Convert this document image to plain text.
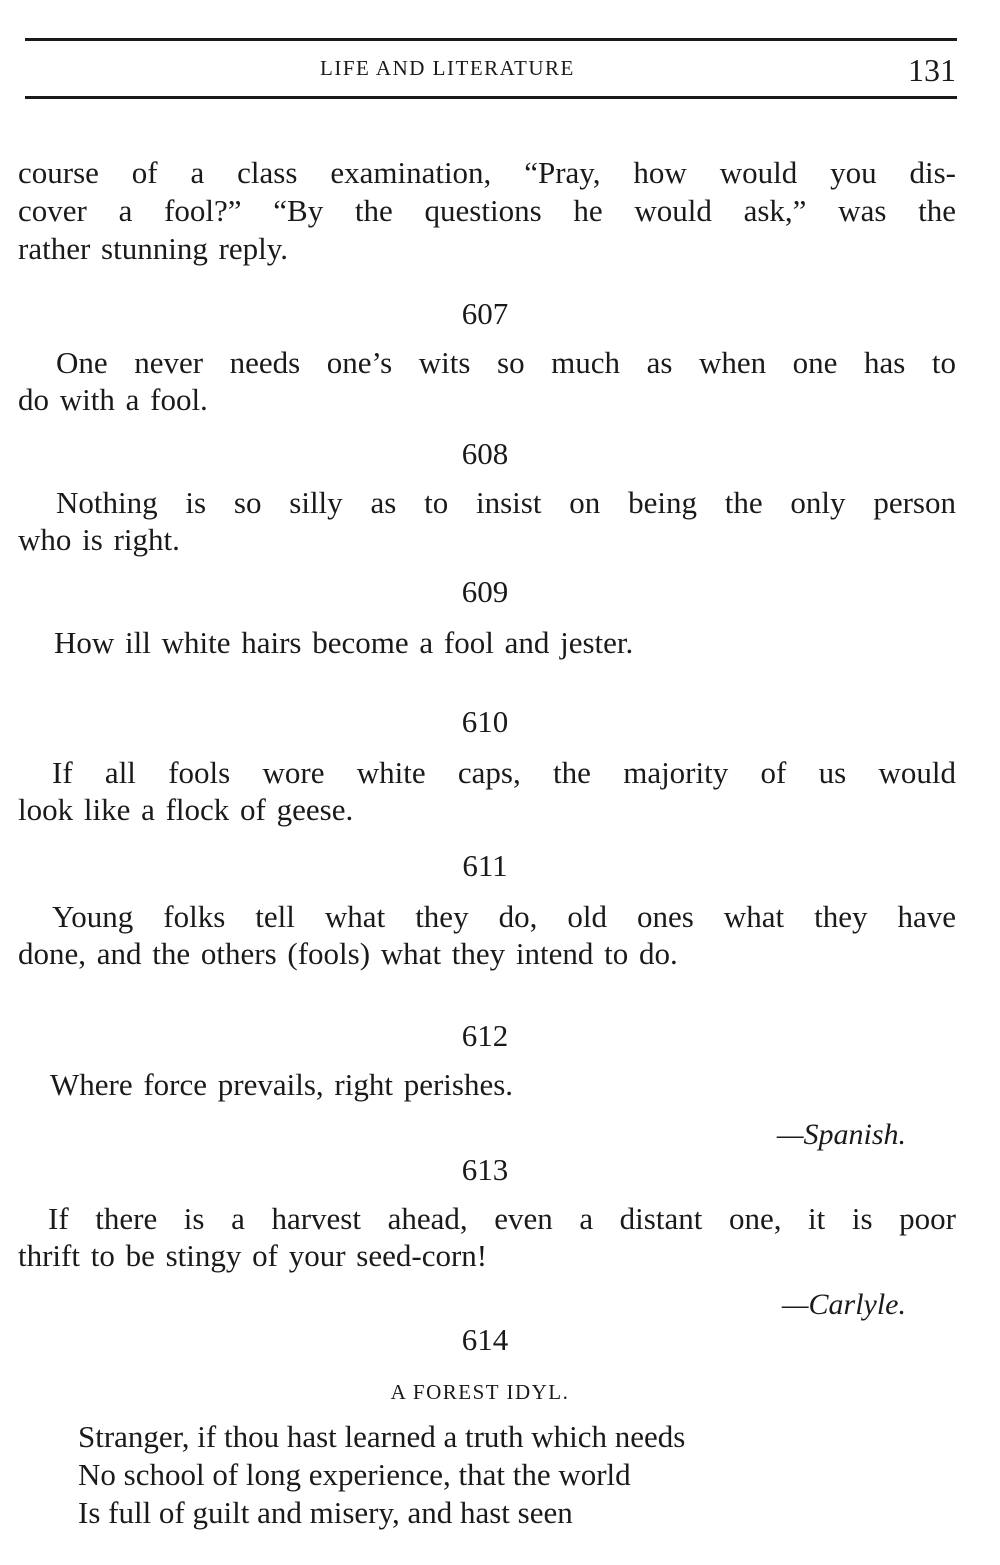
LIFE AND LITERATURE	131

course of a class examination, “Pray, how would you dis-
cover a fool?” “By the questions he would ask,” was the
rather stunning reply.

607

One never needs one’s wits so much as when one has to
do with a fool.

608

Nothing is so silly as to insist on being the only person
who is right.

609

How ill white hairs become a fool and jester.

610

If all fools wore white caps, the majority of us would
look like a flock of geese.

611

Young folks tell what they do, old ones what they have
done, and the others (fools) what they intend to do.

612

Where force prevails, right perishes.

—Spanish.
613

If there is a harvest ahead, even a distant one, it is poor
thrift to be stingy of your seed-corn!

—Carlyle.
614
A FOREST IDYL.
Stranger, if thou hast learned a truth which needs
No school of long experience, that the world
Is full of guilt and misery, and hast seen
